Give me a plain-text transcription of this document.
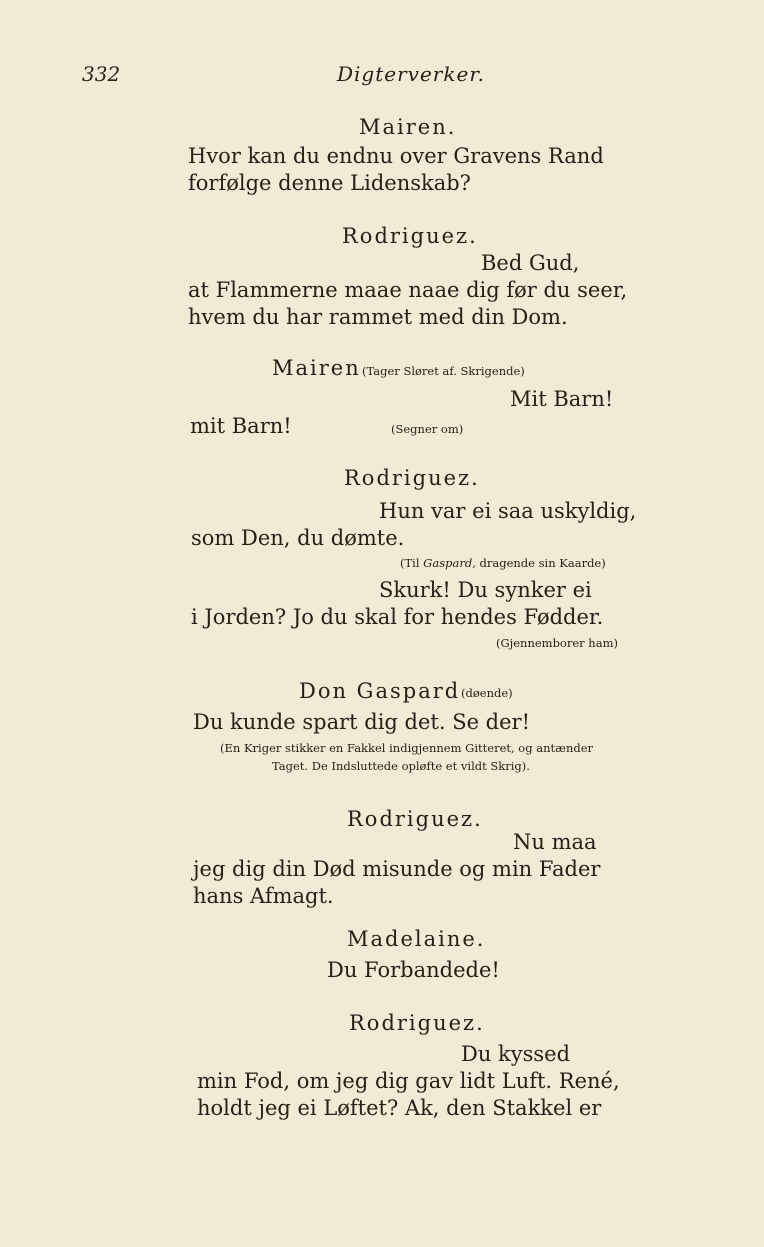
332	Digterverker.
Mairen.
Hvor kan du endnu over Gravens Rand
forfølge denne Lidenskab?
Rodriguez.
Bed Gud,
at Flammerne maae naae dig før du seer,
hvem du har rammet med din Dom.
Mairen (Tager Sløret af. Skrigende)
Mit Barn!
mit Barn!	(Segner om)
Rodriguez.
Hun var ei saa uskyldig,
som Den, du dømte.
(Til Gaspard, dragende sin Kaarde)
Skurk! Du synker ei
i Jorden? Jo du skal for hendes Fødder.
(Gjennemborer ham)
Don Gaspard (døende)
Du kunde spart dig det. Se der!
(En Kriger stikker en Fakkel indigjennem Gitteret, og antænder
Taget. De Indsluttede opløfte et vildt Skrig).
Rodriguez.
Nu maa
jeg dig din Død misunde og min Fader
hans Afmagt.
Madelaine.
Du Forbandede!
Rodriguez.
Du kyssed
min Fod, om jeg dig gav lidt Luft. René,
holdt jeg ei Løftet? Ak, den Stakkel er
